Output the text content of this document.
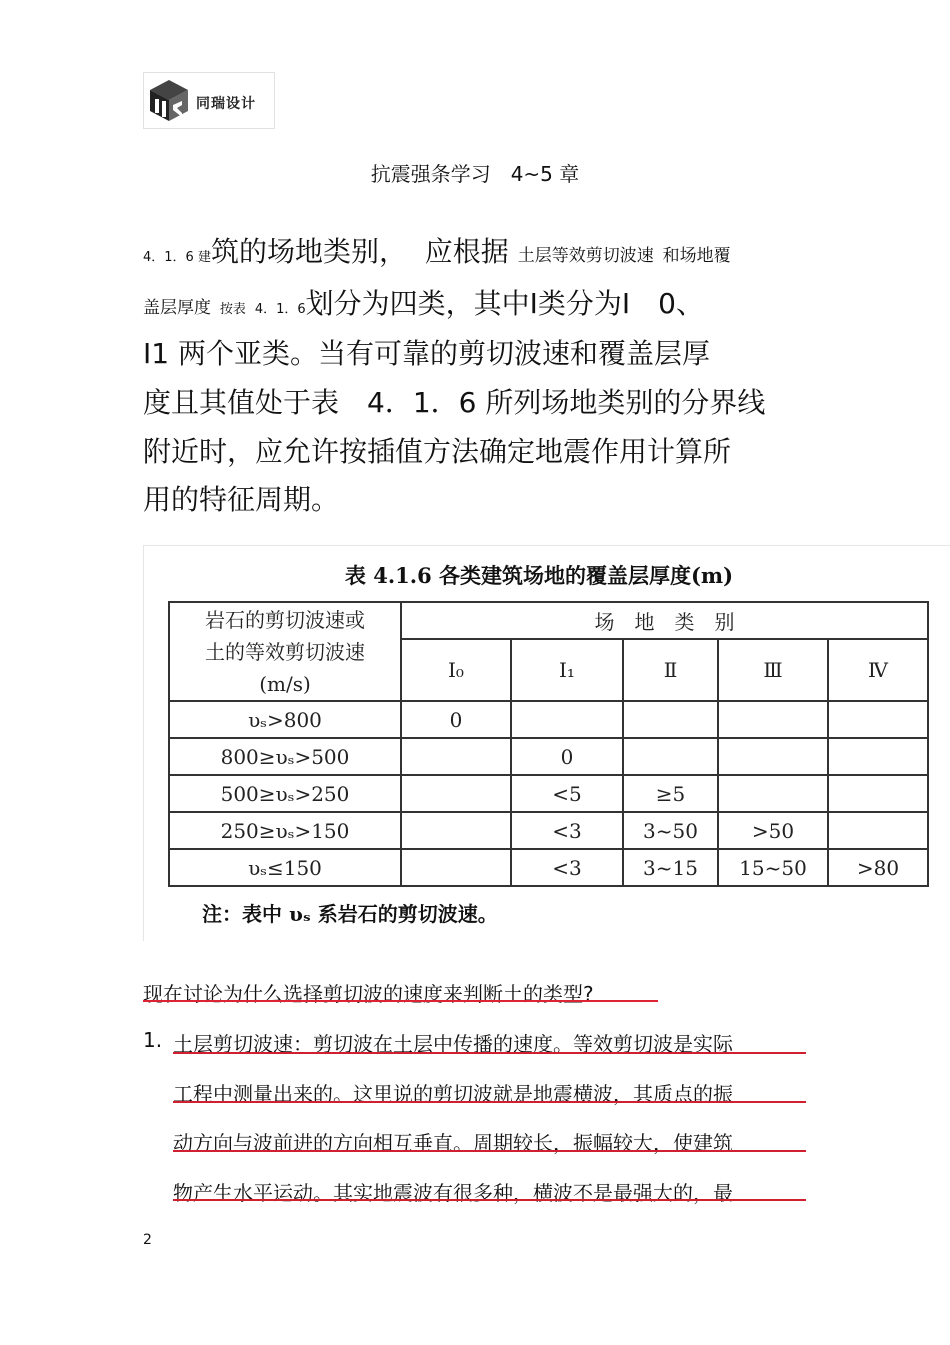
同瑞设计
抗震强条学习　4~5 章
4．1．6 建筑的场地类别， 应根据 土层等效剪切波速 和场地覆
盖层厚度 按表 4．1．6划分为四类，其中Ⅰ类分为Ⅰ　0、
Ⅰ1 两个亚类。当有可靠的剪切波速和覆盖层厚
度且其值处于表　4．1．6 所列场地类别的分界线
附近时，应允许按插值方法确定地震作用计算所
用的特征周期。
表 4.1.6 各类建筑场地的覆盖层厚度(m)
岩石的剪切波速或
土的等效剪切波速
(m/s)	场　地　类　别				
	Ⅰ₀	Ⅰ₁	Ⅱ	Ⅲ	Ⅳ
υₛ>800	0				
800≥υₛ>500		0			
500≥υₛ>250		<5	≥5		
250≥υₛ>150		<3	3~50	>50	
υₛ≤150		<3	3~15	15~50	>80
注：表中 υₛ 系岩石的剪切波速。
现在讨论为什么选择剪切波的速度来判断土的类型?
1. 土层剪切波速：剪切波在土层中传播的速度。等效剪切波是实际
工程中测量出来的。这里说的剪切波就是地震横波，其质点的振
动方向与波前进的方向相互垂直。周期较长，振幅较大，使建筑
物产生水平运动。其实地震波有很多种，横波不是最强大的，最
2
